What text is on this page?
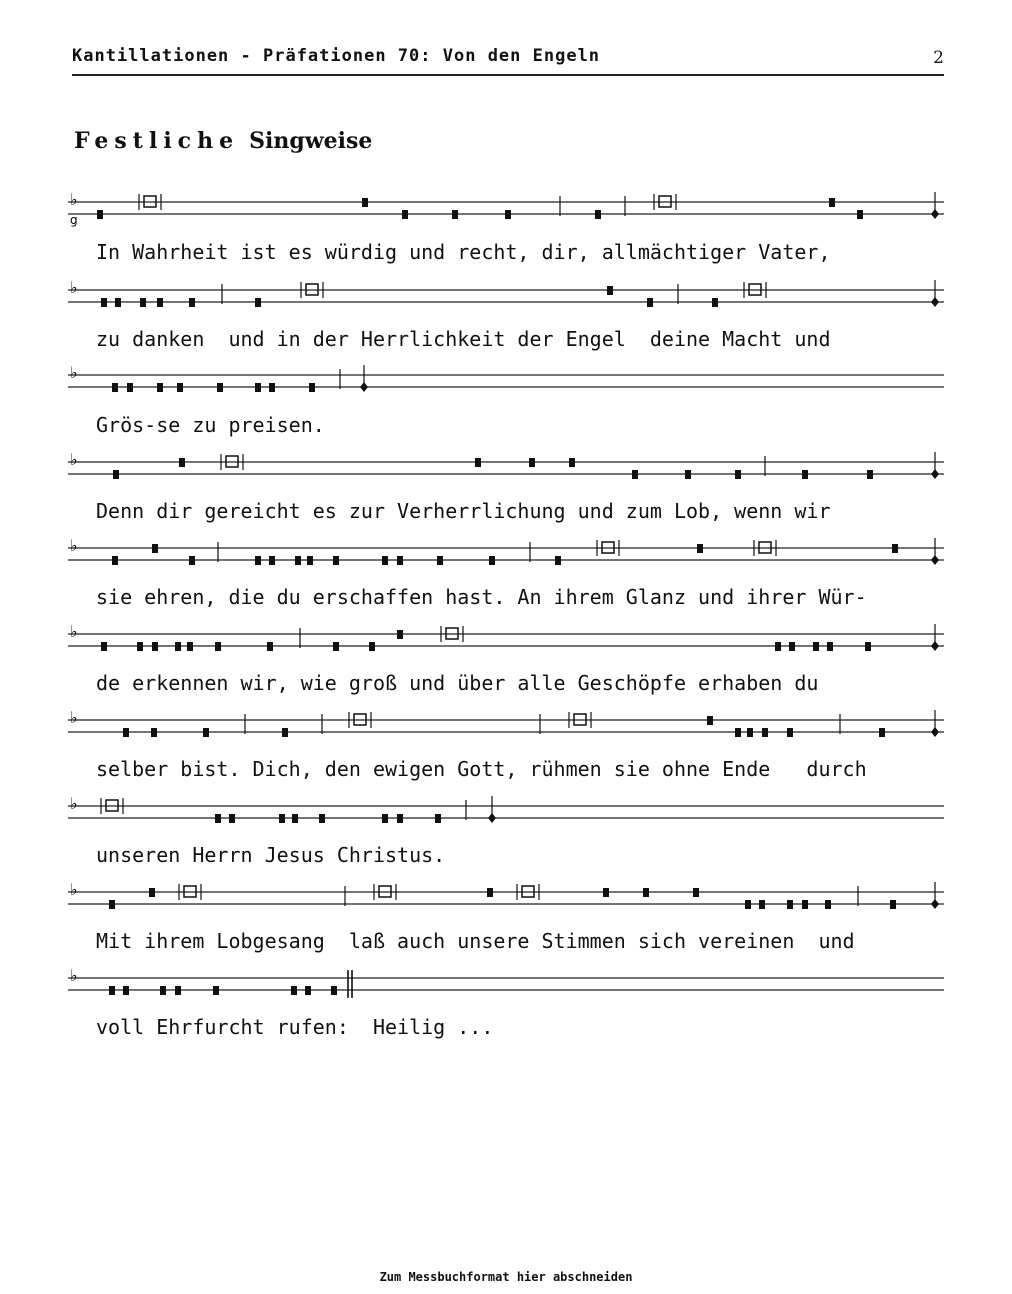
Kantillationen - Präfationen 70: Von den Engeln	2
Festliche Singweise
♭
g
In Wahrheit ist es würdig und recht, dir, allmächtiger Vater,
♭
zu danken  und in der Herrlichkeit der Engel  deine Macht und
♭
Grös-se zu preisen.
♭
Denn dir gereicht es zur Verherrlichung und zum Lob, wenn wir
♭
sie ehren, die du erschaffen hast. An ihrem Glanz und ihrer Wür-
♭
de erkennen wir, wie groß und über alle Geschöpfe erhaben du
♭
selber bist. Dich, den ewigen Gott, rühmen sie ohne Ende   durch
♭
unseren Herrn Jesus Christus.
♭
Mit ihrem Lobgesang  laß auch unsere Stimmen sich vereinen  und
♭
voll Ehrfurcht rufen:  Heilig ...
Zum Messbuchformat hier abschneiden
